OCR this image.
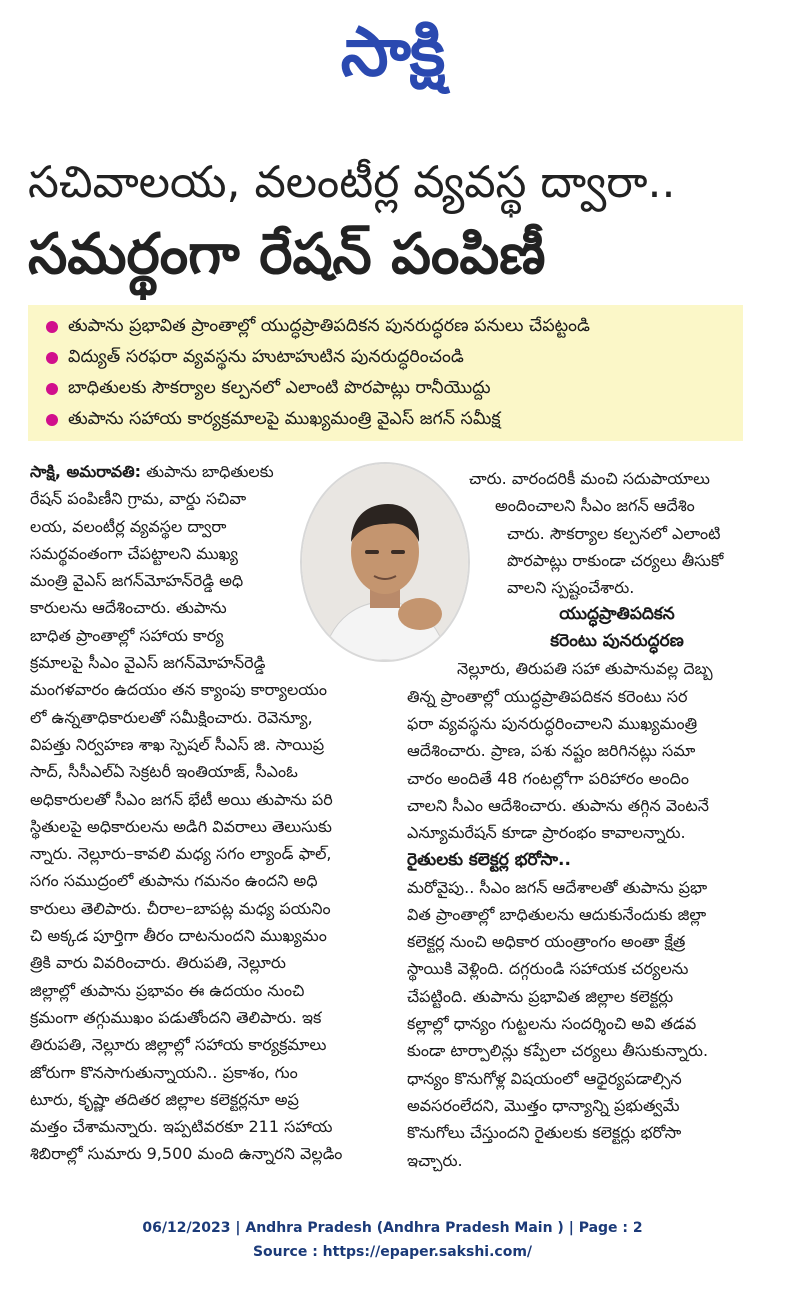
సాక్షి
సచివాలయ, వలంటీర్ల వ్యవస్థ ద్వారా..
సమర్థంగా రేషన్ పంపిణీ
తుపాను ప్రభావిత ప్రాంతాల్లో యుద్ధప్రాతిపదికన పునరుద్ధరణ పనులు చేపట్టండి
విద్యుత్ సరఫరా వ్యవస్థను హుటాహుటిన పునరుద్ధరించండి
బాధితులకు సౌకర్యాల కల్పనలో ఎలాంటి పొరపాట్లు రానీయొద్దు
తుపాను సహాయ కార్యక్రమాలపై ముఖ్యమంత్రి వైఎస్ జగన్ సమీక్ష
సాక్షి, అమరావతి: తుపాను బాధితులకు
రేషన్ పంపిణీని గ్రామ, వార్డు సచివా
లయ, వలంటీర్ల వ్యవస్థల ద్వారా
సమర్థవంతంగా చేపట్టాలని ముఖ్య
మంత్రి వైఎస్ జగన్‌మోహన్‌రెడ్డి అధి
కారులను ఆదేశించారు. తుపాను
బాధిత ప్రాంతాల్లో సహాయ కార్య
క్రమాలపై సీఎం వైఎస్ జగన్‌మోహన్‌రెడ్డి
మంగళవారం ఉదయం తన క్యాంపు కార్యాలయం
లో ఉన్నతాధికారులతో సమీక్షించారు. రెవెన్యూ,
విపత్తు నిర్వహణ శాఖ స్పెషల్ సీఎస్ జి. సాయిప్ర
సాద్, సీసీఎల్‌ఏ సెక్రటరీ ఇంతియాజ్, సీఎంఓ
అధికారులతో సీఎం జగన్ భేటీ అయి తుపాను పరి
స్థితులపై అధికారులను అడిగి వివరాలు తెలుసుకు
న్నారు. నెల్లూరు–కావలి మధ్య సగం ల్యాండ్ ఫాల్,
సగం సముద్రంలో తుపాను గమనం ఉందని అధి
కారులు తెలిపారు. చీరాల–బాపట్ల మధ్య పయనిం
చి అక్కడ పూర్తిగా తీరం దాటనుందని ముఖ్యమం
త్రికి వారు వివరించారు. తిరుపతి, నెల్లూరు
జిల్లాల్లో తుపాను ప్రభావం ఈ ఉదయం నుంచి
క్రమంగా తగ్గుముఖం పడుతోందని తెలిపారు. ఇక
తిరుపతి, నెల్లూరు జిల్లాల్లో సహాయ కార్యక్రమాలు
జోరుగా కొనసాగుతున్నాయని.. ప్రకాశం, గుం
టూరు, కృష్ణా తదితర జిల్లాల కలెక్టర్లనూ అప్ర
మత్తం చేశామన్నారు. ఇప్పటివరకూ 211 సహాయ
శిబిరాల్లో సుమారు 9,500 మంది ఉన్నారని వెల్లడిం
చారు. వారందరికీ మంచి సదుపాయాలు
అందించాలని సీఎం జగన్ ఆదేశిం
చారు. సౌకర్యాల కల్పనలో ఎలాంటి
పొరపాట్లు రాకుండా చర్యలు తీసుకో
వాలని స్పష్టంచేశారు.
యుద్ధప్రాతిపదికన
కరెంటు పునరుద్ధరణ
నెల్లూరు, తిరుపతి సహా తుపానువల్ల దెబ్బ
తిన్న ప్రాంతాల్లో యుద్ధప్రాతిపదికన కరెంటు సర
ఫరా వ్యవస్థను పునరుద్ధరించాలని ముఖ్యమంత్రి
ఆదేశించారు. ప్రాణ, పశు నష్టం జరిగినట్లు సమా
చారం అందితే 48 గంటల్లోగా పరిహారం అందిం
చాలని సీఎం ఆదేశించారు. తుపాను తగ్గిన వెంటనే
ఎన్యూమరేషన్ కూడా ప్రారంభం కావాలన్నారు.
రైతులకు కలెక్టర్ల భరోసా..
మరోవైపు.. సీఎం జగన్ ఆదేశాలతో తుపాను ప్రభా
విత ప్రాంతాల్లో బాధితులను ఆదుకునేందుకు జిల్లా
కలెక్టర్ల నుంచి అధికార యంత్రాంగం అంతా క్షేత్ర
స్థాయికి వెళ్లింది. దగ్గరుండి సహాయక చర్యలను
చేపట్టింది. తుపాను ప్రభావిత జిల్లాల కలెక్టర్లు
కల్లాల్లో ధాన్యం గుట్టలను సందర్శించి అవి తడవ
కుండా టార్పాలిన్లు కప్పేలా చర్యలు తీసుకున్నారు.
ధాన్యం కొనుగోళ్ల విషయంలో ఆధైర్యపడాల్సిన
అవసరంలేదని, మొత్తం ధాన్యాన్ని ప్రభుత్వమే
కొనుగోలు చేస్తుందని రైతులకు కలెక్టర్లు భరోసా
ఇచ్చారు.
06/12/2023 | Andhra Pradesh (Andhra Pradesh Main ) | Page : 2
Source : https://epaper.sakshi.com/
